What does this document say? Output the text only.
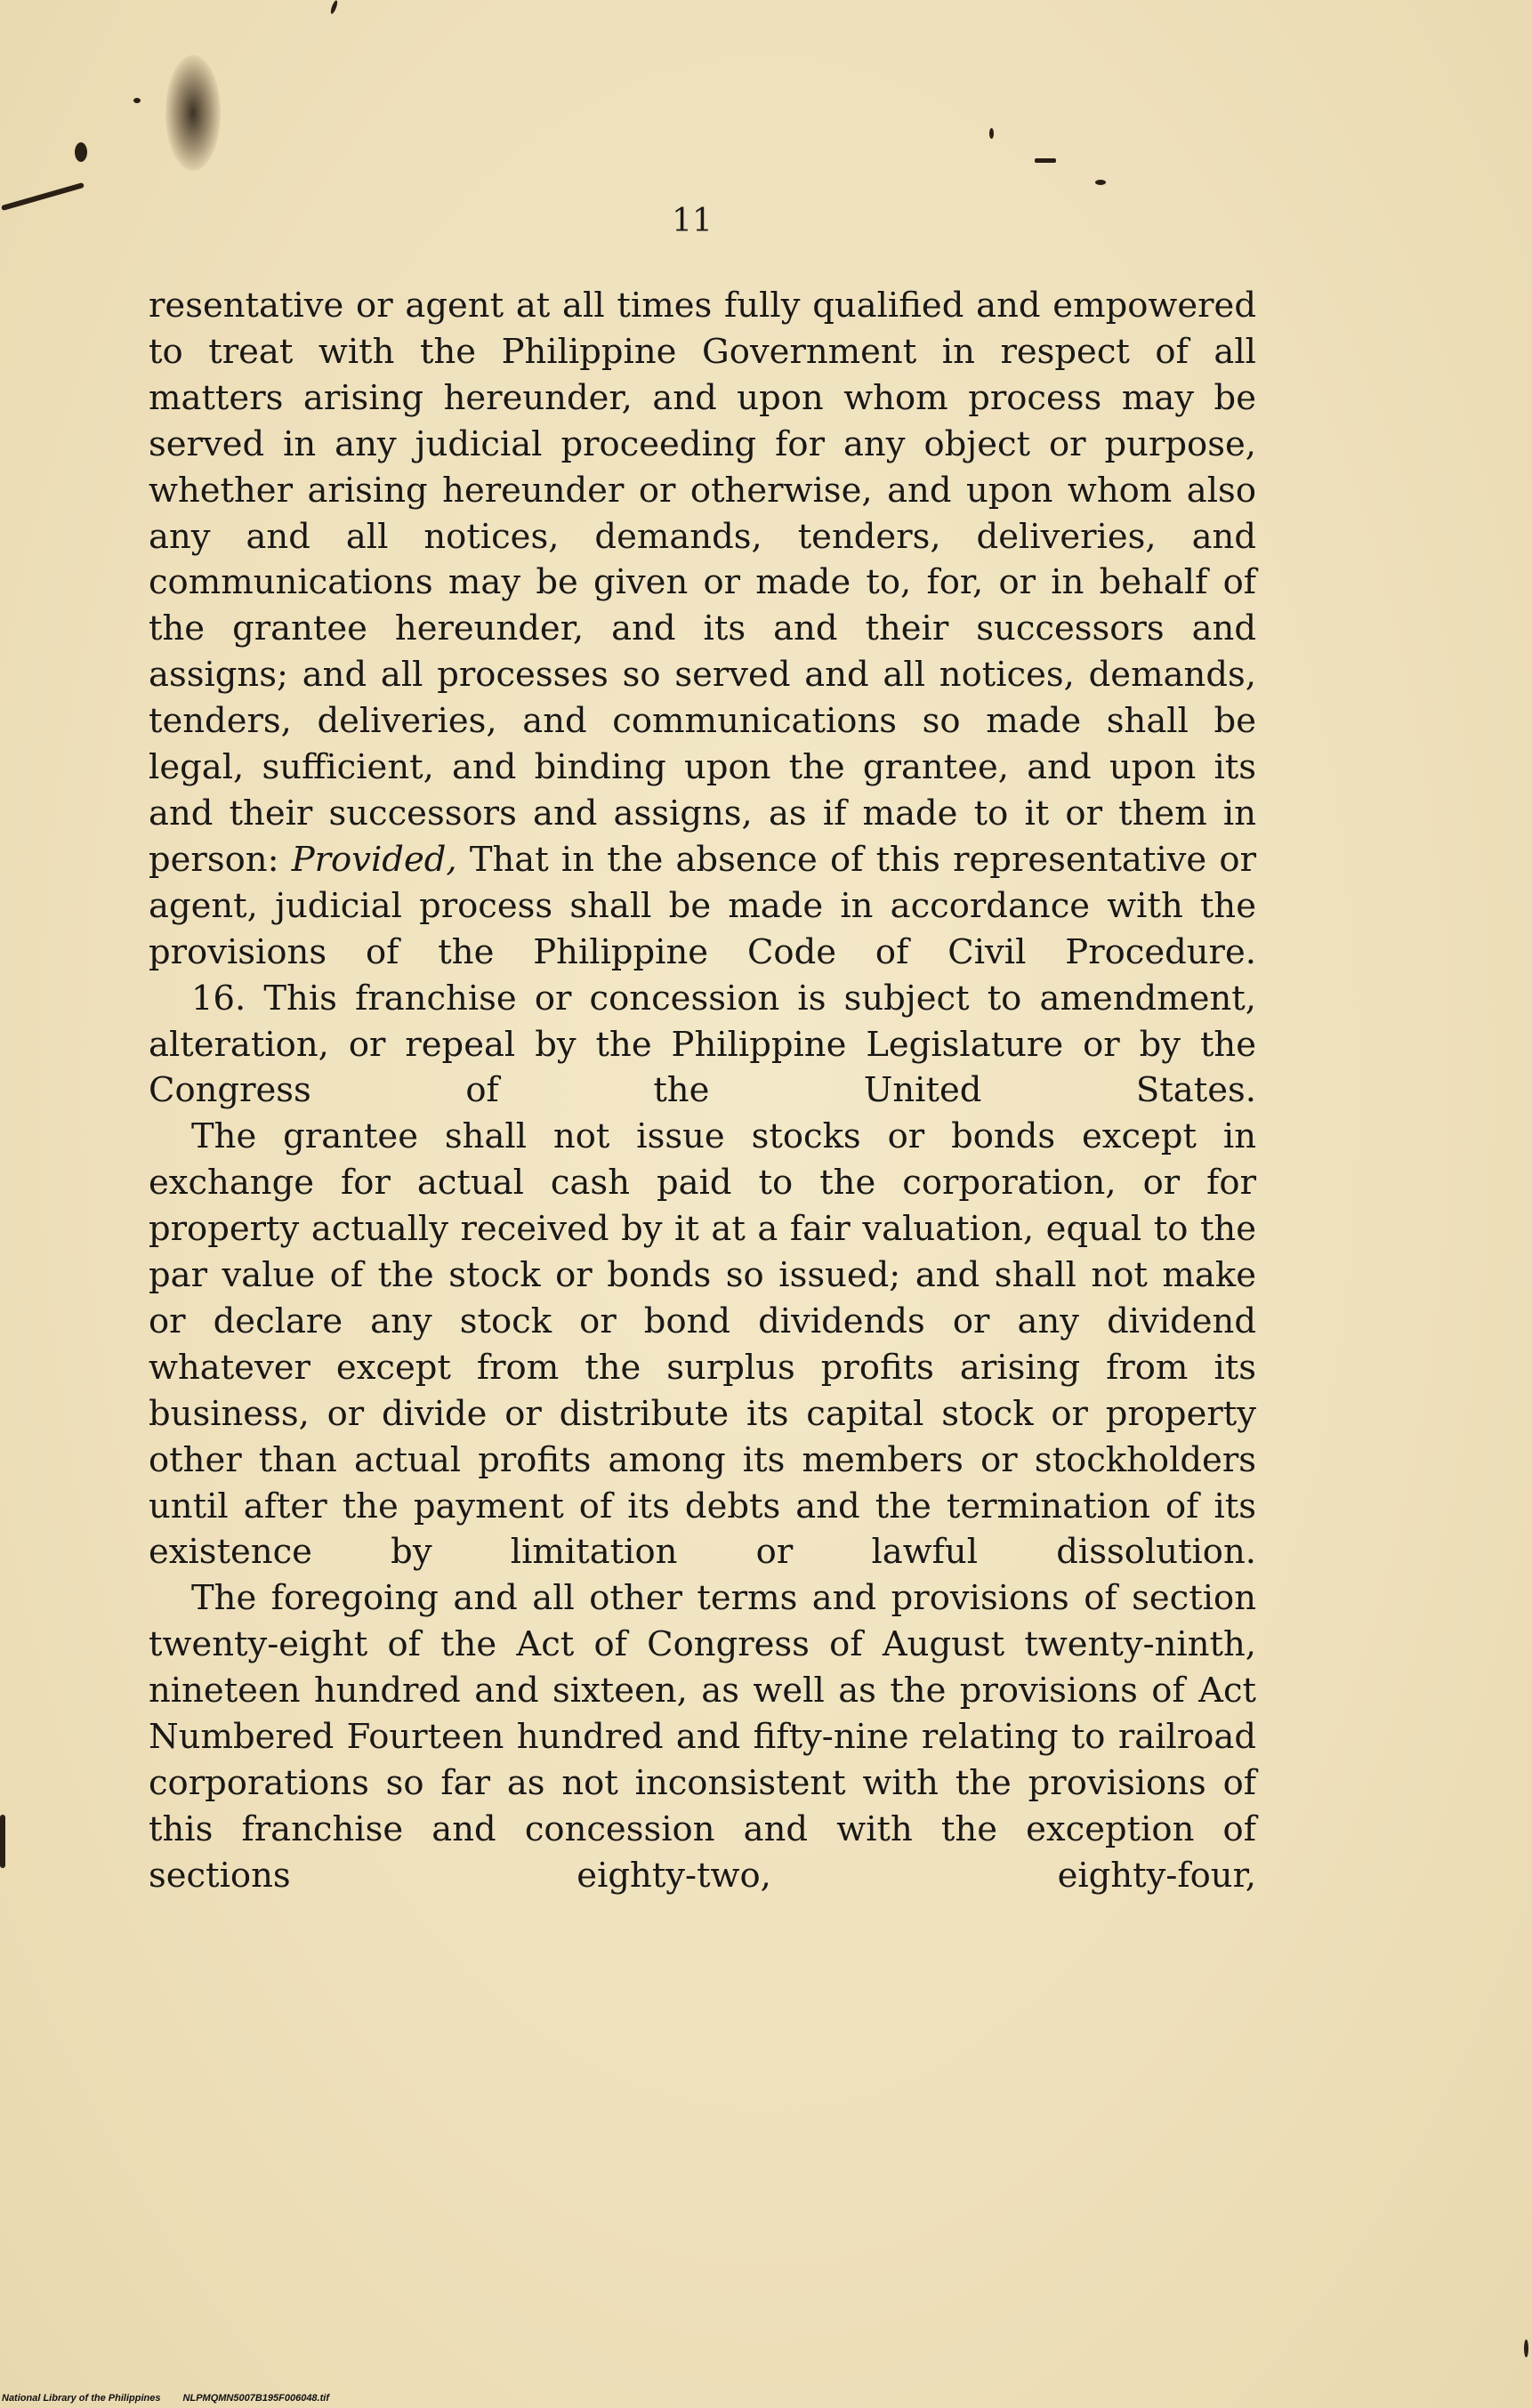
11

resentative or agent at all times fully qualified and empowered to treat with the Philippine Government in respect of all matters arising hereunder, and upon whom process may be served in any judicial proceeding for any object or purpose, whether arising hereunder or otherwise, and upon whom also any and all notices, demands, tenders, deliveries, and communications may be given or made to, for, or in behalf of the grantee hereunder, and its and their successors and assigns; and all processes so served and all notices, demands, tenders, deliveries, and communications so made shall be legal, sufficient, and binding upon the grantee, and upon its and their successors and assigns, as if made to it or them in person: Provided, That in the absence of this representative or agent, judicial process shall be made in accordance with the provisions of the Philippine Code of Civil Procedure.

16. This franchise or concession is subject to amendment, alteration, or repeal by the Philippine Legislature or by the Congress of the United States.

The grantee shall not issue stocks or bonds except in exchange for actual cash paid to the corporation, or for property actually received by it at a fair valuation, equal to the par value of the stock or bonds so issued; and shall not make or declare any stock or bond dividends or any dividend whatever except from the surplus profits arising from its business, or divide or distribute its capital stock or property other than actual profits among its members or stockholders until after the payment of its debts and the termination of its existence by limitation or lawful dissolution.

The foregoing and all other terms and provisions of section twenty-eight of the Act of Congress of August twenty-ninth, nineteen hundred and sixteen, as well as the provisions of Act Numbered Fourteen hundred and fifty-nine relating to railroad corporations so far as not inconsistent with the provisions of this franchise and concession and with the exception of sections eighty-two, eighty-four,

National Library of the Philippines NLPMQMN5007B195F006048.tif
